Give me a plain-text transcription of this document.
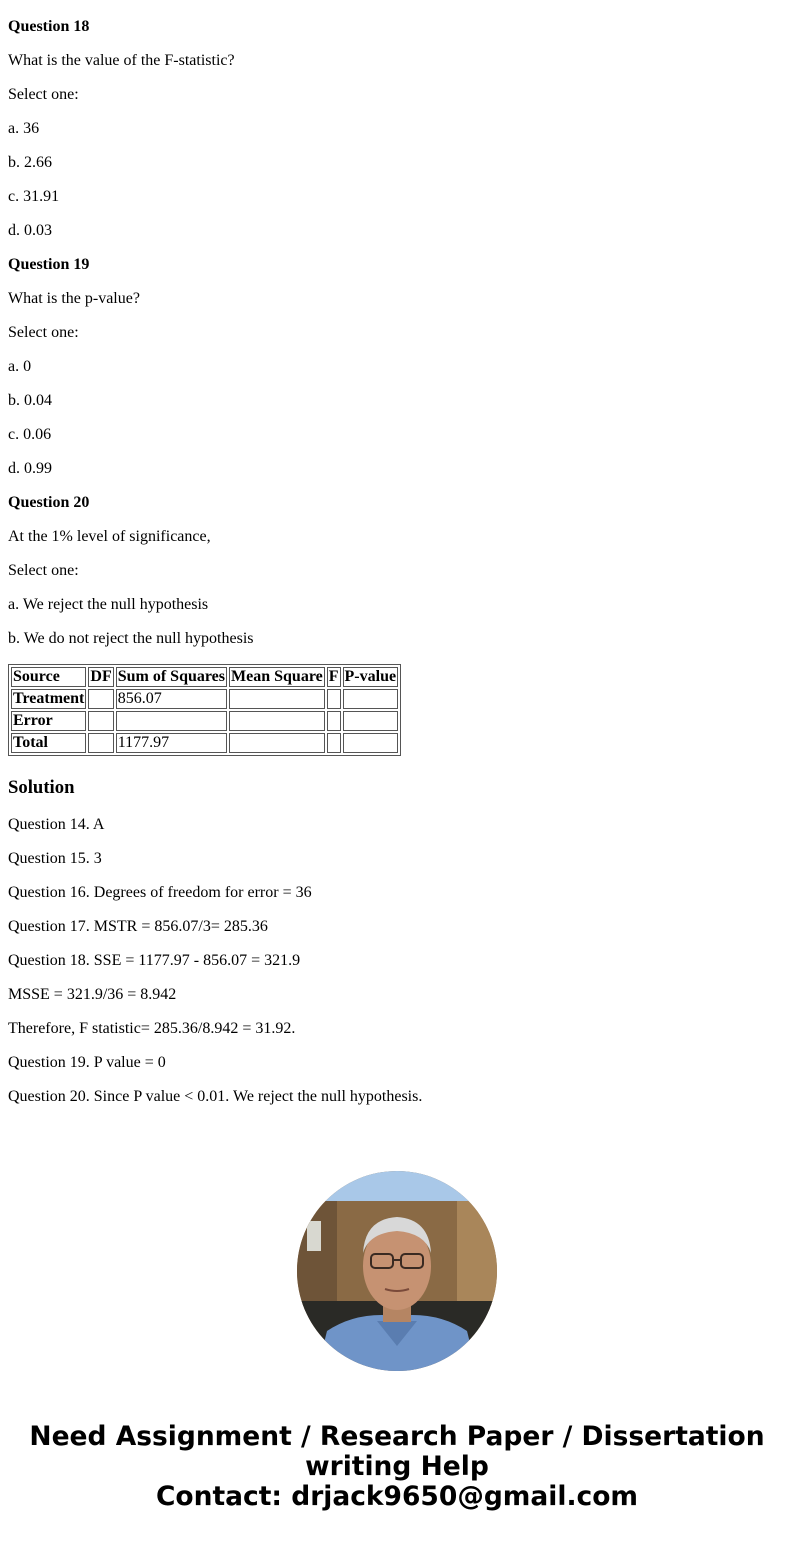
Question 18

What is the value of the F-statistic?

Select one:

a. 36

b. 2.66

c. 31.91

d. 0.03

Question 19

What is the p-value?

Select one:

a. 0

b. 0.04

c. 0.06

d. 0.99

Question 20

At the 1% level of significance,

Select one:

a. We reject the null hypothesis

b. We do not reject the null hypothesis

Source	DF	Sum of Squares	Mean Square	F	P-value
Treatment		856.07			
Error					
Total		1177.97			
Solution

Question 14. A

Question 15. 3

Question 16. Degrees of freedom for error = 36

Question 17. MSTR = 856.07/3= 285.36

Question 18. SSE = 1177.97 - 856.07 = 321.9

MSSE = 321.9/36 = 8.942

Therefore, F statistic= 285.36/8.942 = 31.92.

Question 19. P value = 0

Question 20. Since P value < 0.01. We reject the null hypothesis.

Need Assignment / Research Paper / Dissertation
writing Help
Contact: drjack9650@gmail.com
